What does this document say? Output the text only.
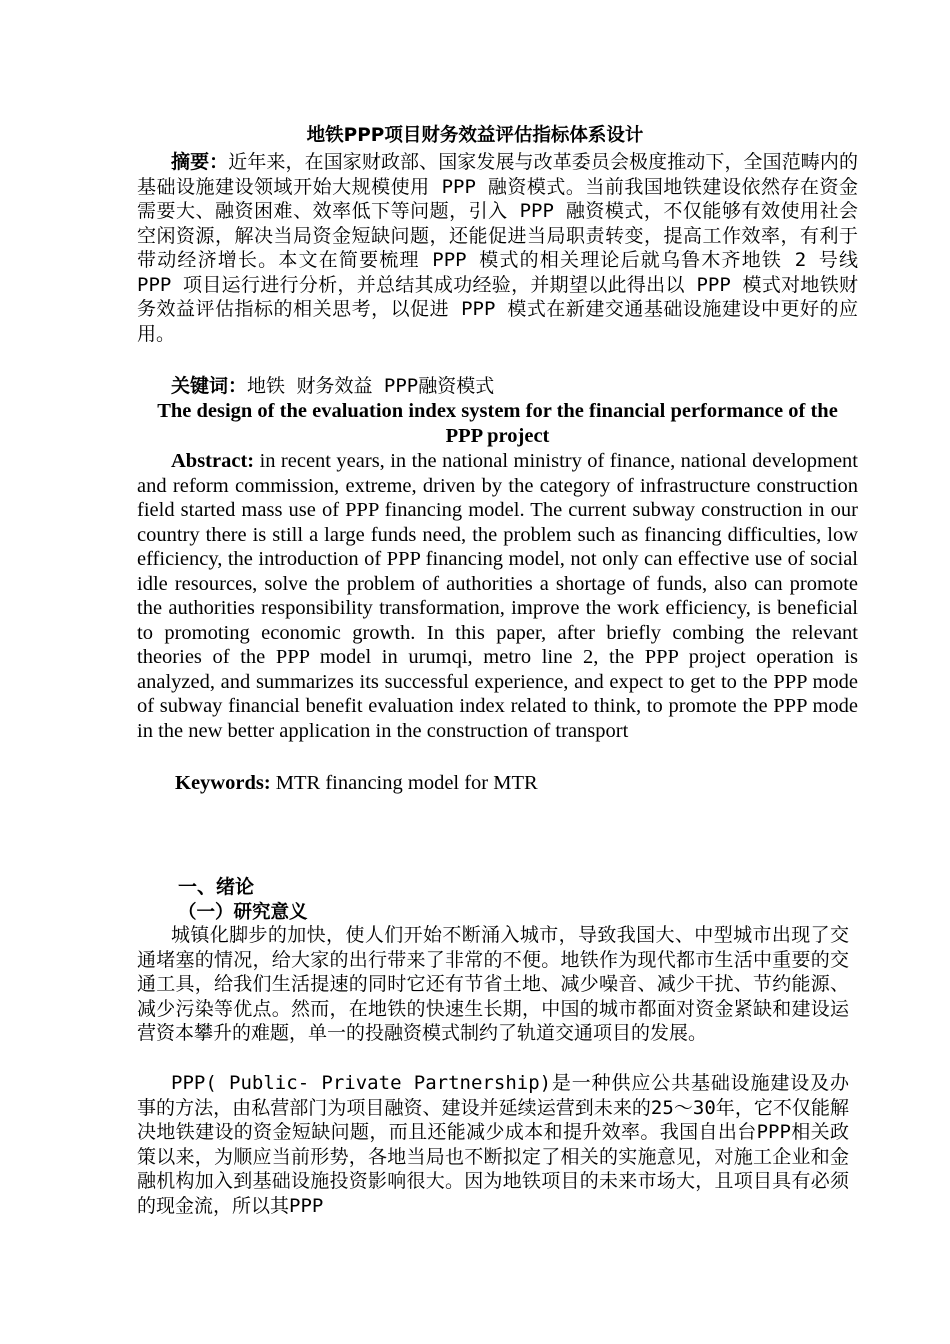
地铁PPP项目财务效益评估指标体系设计
摘要：近年来，在国家财政部、国家发展与改革委员会极度推动下，全国范畴内的基础设施建设领域开始大规模使用 PPP 融资模式。当前我国地铁建设依然存在资金需要大、融资困难、效率低下等问题，引入 PPP 融资模式，不仅能够有效使用社会空闲资源，解决当局资金短缺问题，还能促进当局职责转变，提高工作效率，有利于带动经济增长。本文在简要梳理 PPP 模式的相关理论后就乌鲁木齐地铁 2 号线 PPP 项目运行进行分析，并总结其成功经验，并期望以此得出以 PPP 模式对地铁财务效益评估指标的相关思考，以促进 PPP 模式在新建交通基础设施建设中更好的应用。
关键词：地铁 财务效益 PPP融资模式
The design of the evaluation index system for the financial performance of the PPP project
Abstract: in recent years, in the national ministry of finance, national development and reform commission, extreme, driven by the category of infrastructure construction field started mass use of PPP financing model. The current subway construction in our country there is still a large funds need, the problem such as financing difficulties, low efficiency, the introduction of PPP financing model, not only can effective use of social idle resources, solve the problem of authorities a shortage of funds, also can promote the authorities responsibility transformation, improve the work efficiency, is beneficial to promoting economic growth. In this paper, after briefly combing the relevant theories of the PPP model in urumqi, metro line 2, the PPP project operation is analyzed, and summarizes its successful experience, and expect to get to the PPP mode of subway financial benefit evaluation index related to think, to promote the PPP mode in the new better application in the construction of transport
Keywords: MTR financing model for MTR
一、绪论
（一）研究意义
城镇化脚步的加快，使人们开始不断涌入城市，导致我国大、中型城市出现了交通堵塞的情况，给大家的出行带来了非常的不便。地铁作为现代都市生活中重要的交通工具，给我们生活提速的同时它还有节省土地、减少噪音、减少干扰、节约能源、减少污染等优点。然而，在地铁的快速生长期，中国的城市都面对资金紧缺和建设运营资本攀升的难题，单一的投融资模式制约了轨道交通项目的发展。
PPP( Public- Private Partnership)是一种供应公共基础设施建设及办事的方法，由私营部门为项目融资、建设并延续运营到未来的25～30年，它不仅能解决地铁建设的资金短缺问题，而且还能减少成本和提升效率。我国自出台PPP相关政策以来，为顺应当前形势，各地当局也不断拟定了相关的实施意见，对施工企业和金融机构加入到基础设施投资影响很大。因为地铁项目的未来市场大，且项目具有必须的现金流，所以其PPP
